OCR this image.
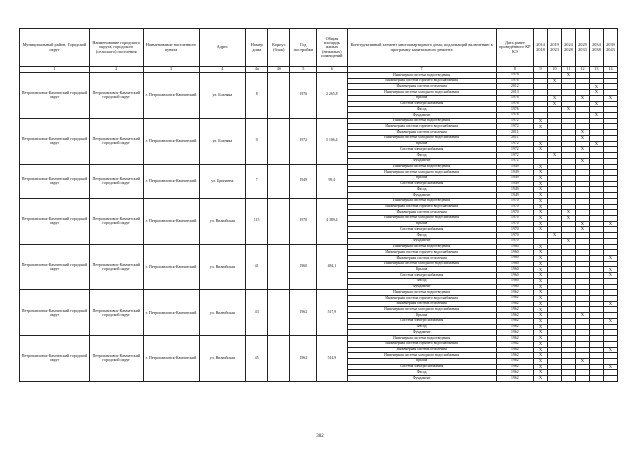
Муниципальный район, Городской округ	Наименование городского округа, городского (сельского) поселения	Наименование населенного пункта	Адрес	Номер дома	Корпус (блок)	Год постройки	Общая площадь жилых (нежилых) помещений	Конструктивный элемент многоквартирного дома, подлежащий включению в программу капитального ремонта	Дата ранее проведённого КР КЭ	2014 2018	2019 2023	2024 2028	2029 2033	2034 2038	2039 2043
1	2	3	4	4а	4б	5	6	7	8	9	10	11	12	13	14
Петропавловск-Камчатский городской округ	Петропавловск-Камчатский городской округ	г. Петропавловск-Камчатский	ул. Бохняка	8		1976	2 265,8	Инженерная система водоотведения	1976			X			
								Инженерная система горячего водоснабжения	1976		X				
								Инженерная система отопления	2012					X	
								Инженерная система холодного водоснабжения	2013					X	
								Крыша	1976		X		X		X
								Система электроснабжения	1976		X			X	
								Фасад	1976			X			
								Фундамент	1976					X	
Петропавловск-Камчатский городской округ	Петропавловск-Камчатский городской округ	г. Петропавловск-Камчатский	ул. Бохняка	9		1972	5 106,4	Инженерная система водоотведения	1972	X					
								Инженерная система горячего водоснабжения	1972	X					
								Инженерная система отопления	2011				X		
								Инженерная система холодного водоснабжения	2011				X		
								Крыша	1972	X				X	
								Система электроснабжения	1972	X			X		
								Фасад	1972		X				
								Фундамент	1972				X		
Петропавловск-Камчатский городской округ	Петропавловск-Камчатский городской округ	г. Петропавловск-Камчатский	ул. Бригинна	7		1949	99,4	Инженерная система водоотведения	1949	X					
								Инженерная система холодного водоснабжения	1949	X					
								Крыша	1949	X					
								Система электроснабжения	1949	X					
								Фасад	1949	X					
								Фундамент	1949	X					
Петропавловск-Камчатский городской округ	Петропавловск-Камчатский городской округ	г. Петропавловск-Камчатский	ул. Вилюйская	115		1970	4 389,4	Инженерная система водоотведения	1970	X					
								Инженерная система горячего водоснабжения	1970	X					
								Инженерная система отопления	1970	X		X			
								Инженерная система холодного водоснабжения	1970	X		X			
								Крыша	1970	X			X		X
								Система электроснабжения	1970	X			X		
								Фасад	1970		X				
								Фундамент	1970			X			
Петропавловск-Камчатский городской округ	Петропавловск-Камчатский городской округ	г. Петропавловск-Камчатский	ул. Вилюйская	41		1960	484,1	Инженерная система водоотведения	1960	X					
								Инженерная система горячего водоснабжения	1960	X					
								Инженерная система отопления	1960	X					X
								Инженерная система холодного водоснабжения	1960	X					
								Крыша	1960	X					X
								Система электроснабжения	1960	X					X
								Фасад	1960	X					
								Фундамент	1960	X					
Петропавловск-Камчатский городской округ	Петропавловск-Камчатский городской округ	г. Петропавловск-Камчатский	ул. Вилюйская	43		1962	517,9	Инженерная система водоотведения	1962	X					
								Инженерная система горячего водоснабжения	1962	X					
								Инженерная система отопления	1962	X					X
								Инженерная система холодного водоснабжения	1962	X					
								Крыша	1962	X			X		
								Система электроснабжения	1962	X					X
								Фасад	1962	X					
								Фундамент	1962	X					
Петропавловск-Камчатский городской округ	Петропавловск-Камчатский городской округ	г. Петропавловск-Камчатский	ул. Вилюйская	45		1962	514,9	Инженерная система водоотведения	1962	X					
								Инженерная система горячего водоснабжения	1962	X					
								Инженерная система отопления	1962	X					X
								Инженерная система холодного водоснабжения	1962	X					
								Крыша	1962	X			X		
								Система электроснабжения	1962	X					X
								Фасад	1962	X					
								Фундамент	1962	X					
302
